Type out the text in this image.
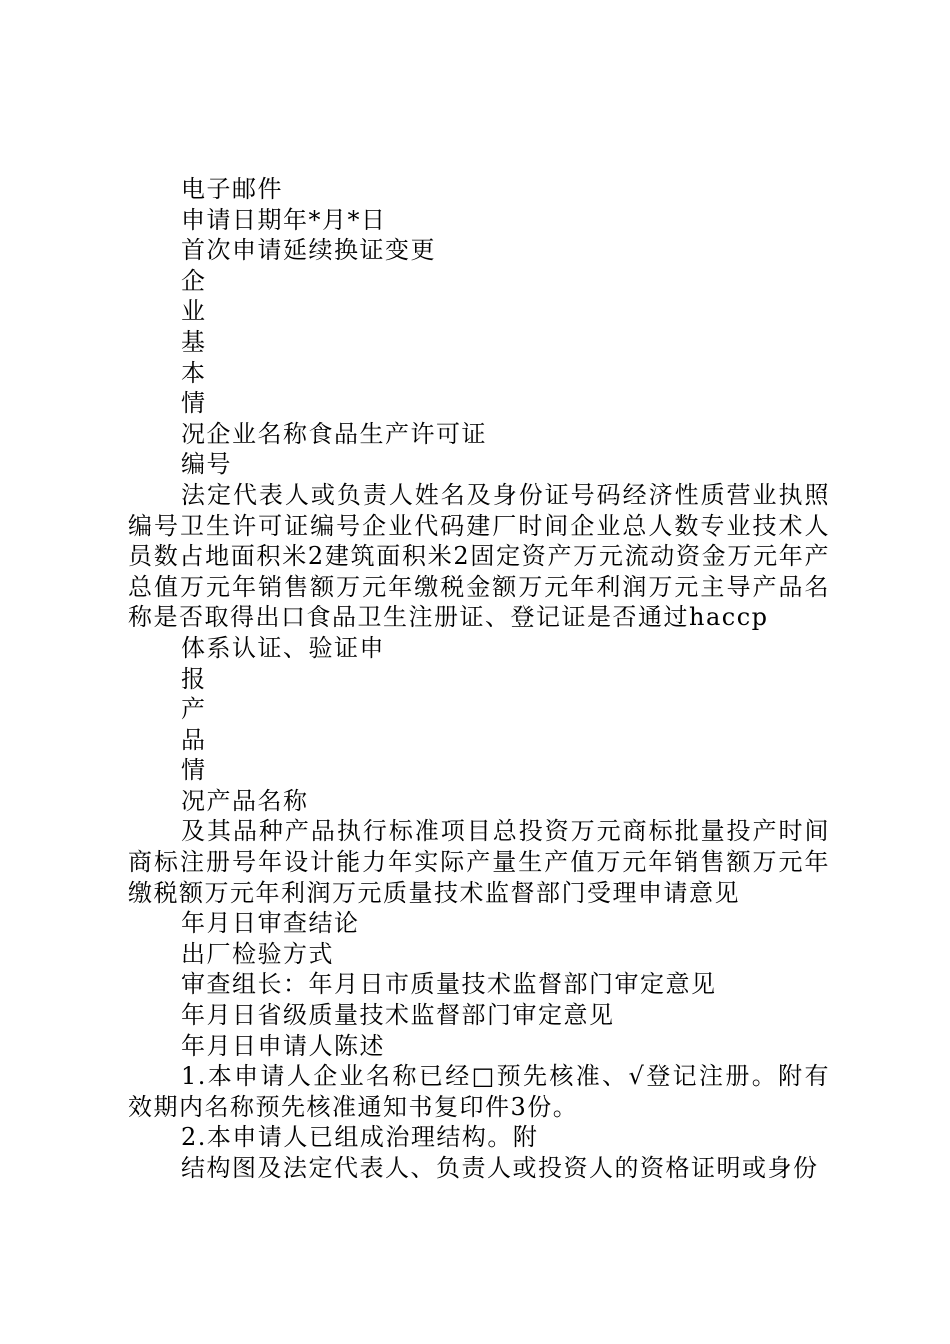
电子邮件

申请日期年*月*日

首次申请延续换证变更

企

业

基

本

情

况企业名称食品生产许可证

编号

法定代表人或负责人姓名及身份证号码经济性质营业执照编号卫生许可证编号企业代码建厂时间企业总人数专业技术人员数占地面积米2建筑面积米2固定资产万元流动资金万元年产总值万元年销售额万元年缴税金额万元年利润万元主导产品名称是否取得出口食品卫生注册证、登记证是否通过haccp

体系认证、验证申

报

产

品

情

况产品名称

及其品种产品执行标准项目总投资万元商标批量投产时间商标注册号年设计能力年实际产量生产值万元年销售额万元年缴税额万元年利润万元质量技术监督部门受理申请意见

年月日审查结论

出厂检验方式

审查组长：年月日市质量技术监督部门审定意见

年月日省级质量技术监督部门审定意见

年月日申请人陈述

1.本申请人企业名称已经□预先核准、√登记注册。附有效期内名称预先核准通知书复印件3份。

2.本申请人已组成治理结构。附

结构图及法定代表人、负责人或投资人的资格证明或身份
